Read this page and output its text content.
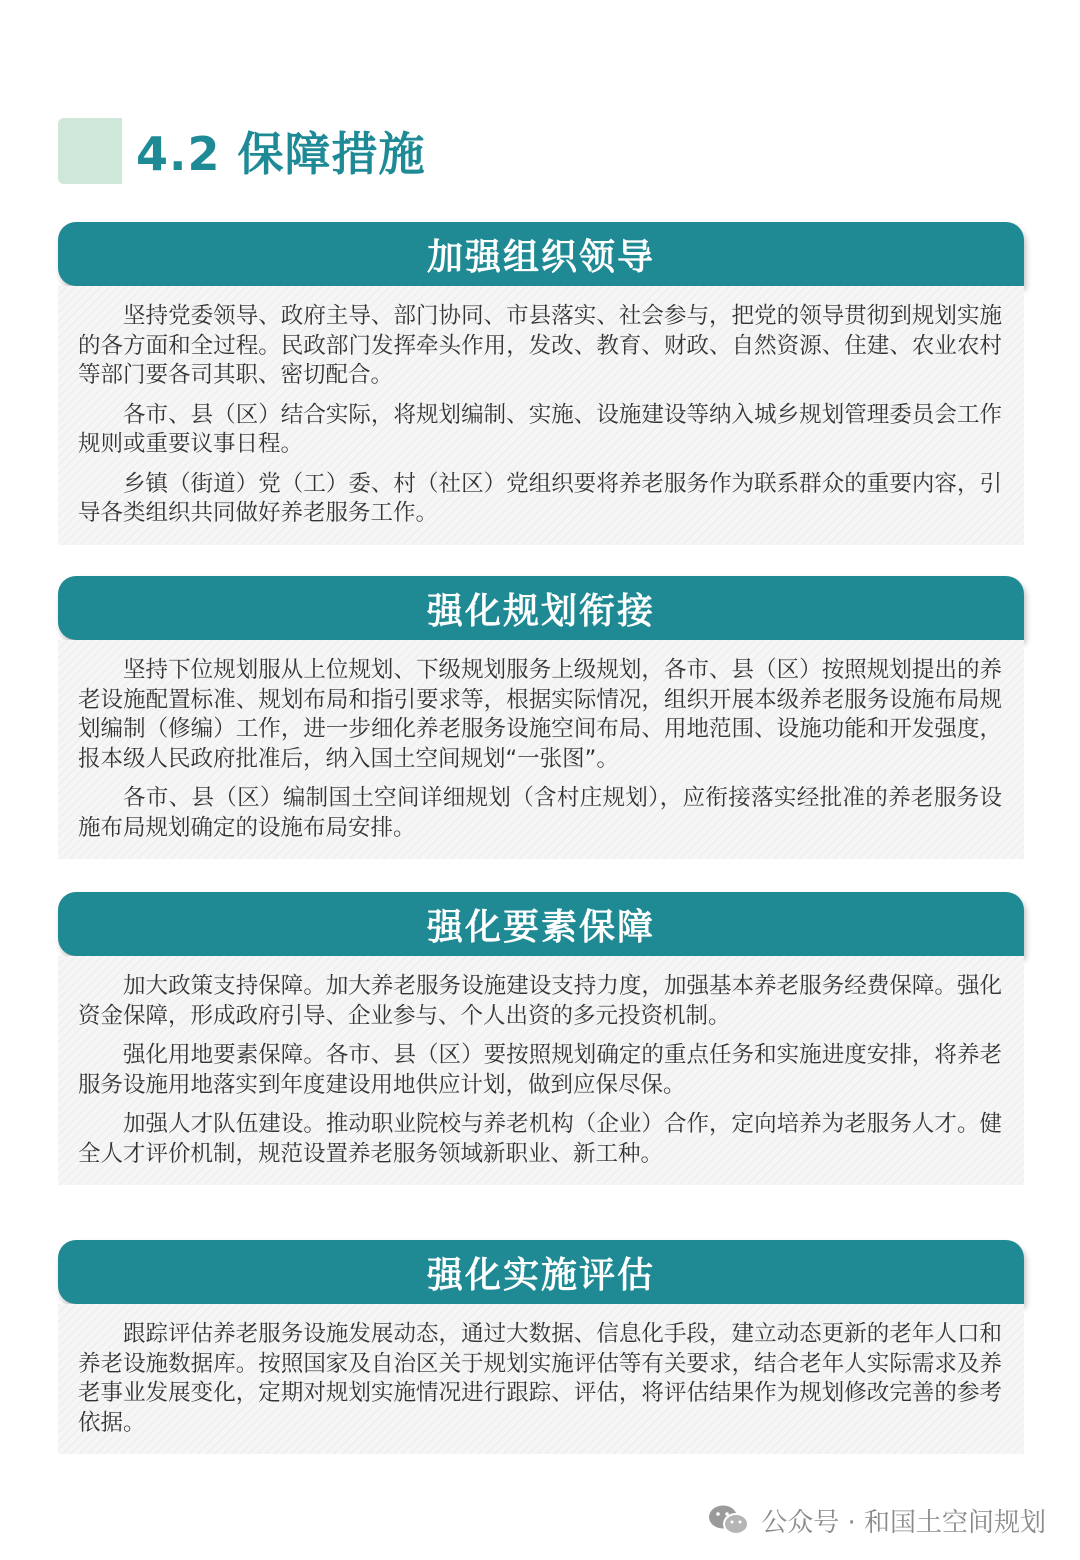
4.2 保障措施
加强组织领导

坚持党委领导、政府主导、部门协同、市县落实、社会参与，把党的领导贯彻到规划实施的各方面和全过程。民政部门发挥牵头作用，发改、教育、财政、自然资源、住建、农业农村等部门要各司其职、密切配合。

各市、县（区）结合实际，将规划编制、实施、设施建设等纳入城乡规划管理委员会工作规则或重要议事日程。

乡镇（街道）党（工）委、村（社区）党组织要将养老服务作为联系群众的重要内容，引导各类组织共同做好养老服务工作。

强化规划衔接

坚持下位规划服从上位规划、下级规划服务上级规划，各市、县（区）按照规划提出的养老设施配置标准、规划布局和指引要求等，根据实际情况，组织开展本级养老服务设施布局规划编制（修编）工作，进一步细化养老服务设施空间布局、用地范围、设施功能和开发强度，报本级人民政府批准后，纳入国土空间规划“一张图”。

各市、县（区）编制国土空间详细规划（含村庄规划），应衔接落实经批准的养老服务设施布局规划确定的设施布局安排。

强化要素保障

加大政策支持保障。加大养老服务设施建设支持力度，加强基本养老服务经费保障。强化资金保障，形成政府引导、企业参与、个人出资的多元投资机制。

强化用地要素保障。各市、县（区）要按照规划确定的重点任务和实施进度安排，将养老服务设施用地落实到年度建设用地供应计划，做到应保尽保。

加强人才队伍建设。推动职业院校与养老机构（企业）合作，定向培养为老服务人才。健全人才评价机制，规范设置养老服务领域新职业、新工种。

强化实施评估

跟踪评估养老服务设施发展动态，通过大数据、信息化手段，建立动态更新的老年人口和养老设施数据库。按照国家及自治区关于规划实施评估等有关要求，结合老年人实际需求及养老事业发展变化，定期对规划实施情况进行跟踪、评估，将评估结果作为规划修改完善的参考依据。

公众号 · 和国土空间规划
